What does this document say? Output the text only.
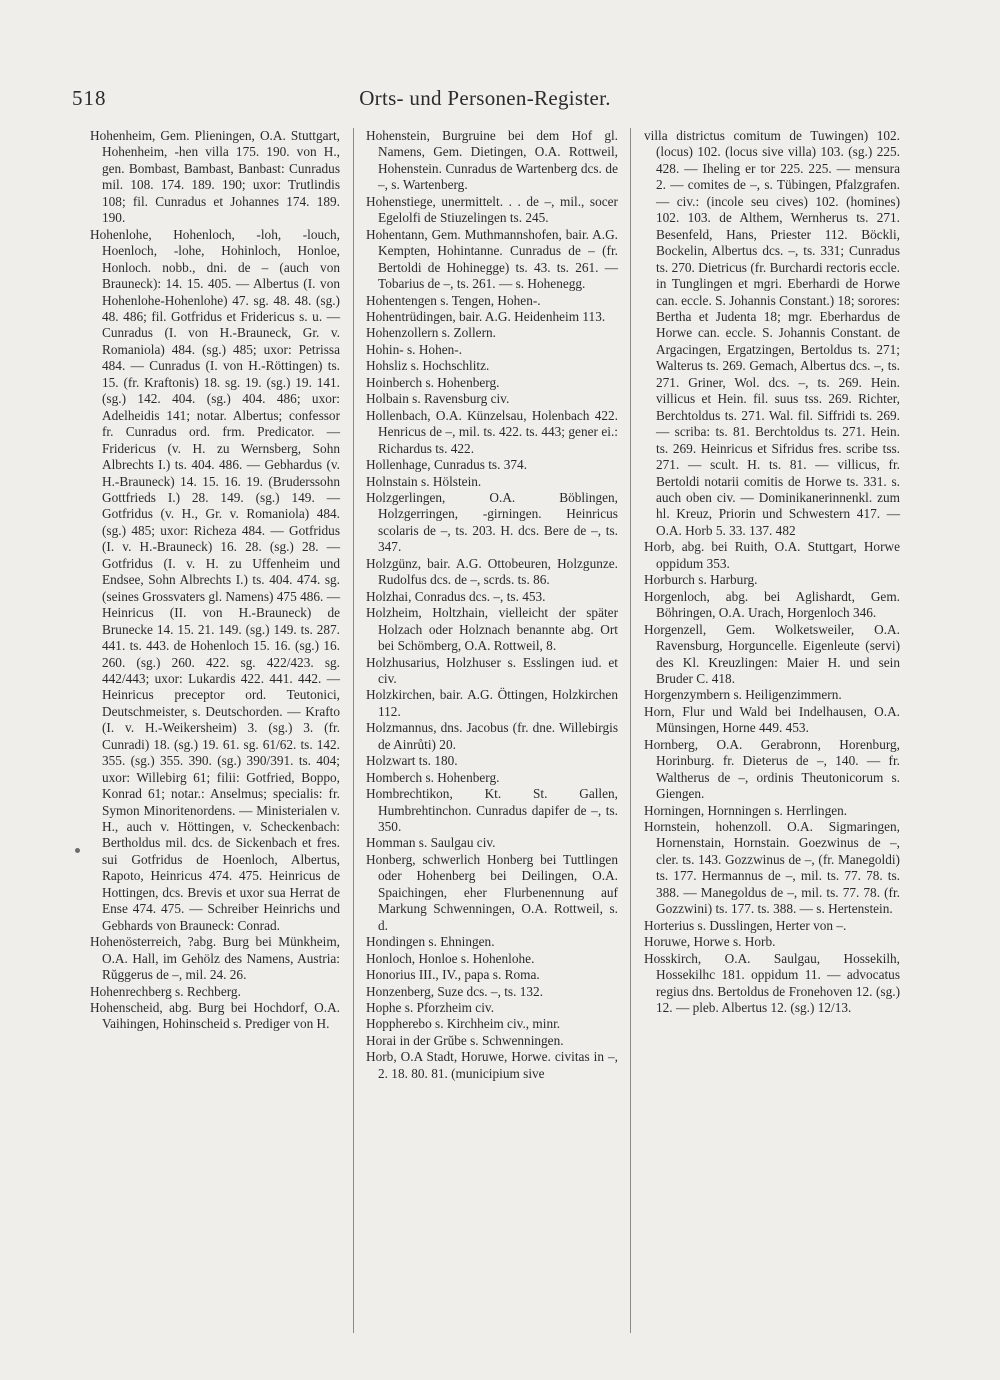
518	Orts- und Personen-Register.

Hohenheim, Gem. Plieningen, O.A. Stuttgart, Hohenheim, -hen villa 175. 190. von H., gen. Bombast, Bambast, Banbast: Cunradus mil. 108. 174. 189. 190; uxor: Trutlindis 108; fil. Cunradus et Johannes 174. 189. 190.

Hohenlohe, Hohenloch, -loh, -louch, Hoenloch, -lohe, Hohinloch, Honloe, Honloch. nobb., dni. de – (auch von Brauneck): 14. 15. 405. — Albertus (I. von Hohenlohe-Hohenlohe) 47. sg. 48. 48. (sg.) 48. 486; fil. Gotfridus et Fridericus s. u. — Cunradus (I. von H.-Brauneck, Gr. v. Romaniola) 484. (sg.) 485; uxor: Petrissa 484. — Cunradus (I. von H.-Röttingen) ts. 15. (fr. Kraftonis) 18. sg. 19. (sg.) 19. 141. (sg.) 142. 404. (sg.) 404. 486; uxor: Adelheidis 141; notar. Albertus; confessor fr. Cunradus ord. frm. Predicator. — Fridericus (v. H. zu Wernsberg, Sohn Albrechts I.) ts. 404. 486. — Gebhardus (v. H.-Brauneck) 14. 15. 16. 19. (Bruderssohn Gottfrieds I.) 28. 149. (sg.) 149. — Gotfridus (v. H., Gr. v. Romaniola) 484. (sg.) 485; uxor: Richeza 484. — Gotfridus (I. v. H.-Brauneck) 16. 28. (sg.) 28. — Gotfridus (I. v. H. zu Uffenheim und Endsee, Sohn Albrechts I.) ts. 404. 474. sg. (seines Grossvaters gl. Namens) 475 486. — Heinricus (II. von H.-Brauneck) de Brunecke 14. 15. 21. 149. (sg.) 149. ts. 287. 441. ts. 443. de Hohenloch 15. 16. (sg.) 16. 260. (sg.) 260. 422. sg. 422/423. sg. 442/443; uxor: Lukardis 422. 441. 442. — Heinricus preceptor ord. Teutonici, Deutschmeister, s. Deutschorden. — Krafto (I. v. H.-Weikersheim) 3. (sg.) 3. (fr. Cunradi) 18. (sg.) 19. 61. sg. 61/62. ts. 142. 355. (sg.) 355. 390. (sg.) 390/391. ts. 404; uxor: Willebirg 61; filii: Gotfried, Boppo, Konrad 61; notar.: Anselmus; specialis: fr. Symon Minoritenordens. — Ministerialen v. H., auch v. Höttingen, v. Scheckenbach: Bertholdus mil. dcs. de Sickenbach et fres. sui Gotfridus de Hoenloch, Albertus, Rapoto, Heinricus 474. 475. Heinricus de Hottingen, dcs. Brevis et uxor sua Herrat de Ense 474. 475. — Schreiber Heinrichs und Gebhards von Brauneck: Conrad.

Hohenösterreich, ?abg. Burg bei Münkheim, O.A. Hall, im Gehölz des Namens, Austria: Rŭggerus de –, mil. 24. 26.

Hohenrechberg s. Rechberg.

Hohenscheid, abg. Burg bei Hochdorf, O.A. Vaihingen, Hohinscheid s. Prediger von H.

Hohenstein, Burgruine bei dem Hof gl. Namens, Gem. Dietingen, O.A. Rottweil, Hohenstein. Cunradus de Wartenberg dcs. de –, s. Wartenberg.

Hohenstiege, unermittelt. . . de –, mil., socer Egelolfi de Stiuzelingen ts. 245.

Hohentann, Gem. Muthmannshofen, bair. A.G. Kempten, Hohintanne. Cunradus de – (fr. Bertoldi de Hohinegge) ts. 43. ts. 261. — Tobarius de –, ts. 261. — s. Hohenegg.

Hohentengen s. Tengen, Hohen-.

Hohentrüdingen, bair. A.G. Heidenheim 113.

Hohenzollern s. Zollern.

Hohin- s. Hohen-.

Hohsliz s. Hochschlitz.

Hoinberch s. Hohenberg.

Holbain s. Ravensburg civ.

Hollenbach, O.A. Künzelsau, Holenbach 422. Henricus de –, mil. ts. 422. ts. 443; gener ei.: Richardus ts. 422.

Hollenhage, Cunradus ts. 374.

Holnstain s. Hölstein.

Holzgerlingen, O.A. Böblingen, Holzgerringen, -girningen. Heinricus scolaris de –, ts. 203. H. dcs. Bere de –, ts. 347.

Holzgünz, bair. A.G. Ottobeuren, Holzgunze. Rudolfus dcs. de –, scrds. ts. 86.

Holzhai, Conradus dcs. –, ts. 453.

Holzheim, Holtzhain, vielleicht der später Holzach oder Holznach benannte abg. Ort bei Schömberg, O.A. Rottweil, 8.

Holzhusarius, Holzhuser s. Esslingen iud. et civ.

Holzkirchen, bair. A.G. Öttingen, Holzkirchen 112.

Holzmannus, dns. Jacobus (fr. dne. Willebirgis de Ainrůti) 20.

Holzwart ts. 180.

Homberch s. Hohenberg.

Hombrechtikon, Kt. St. Gallen, Humbrehtinchon. Cunradus dapifer de –, ts. 350.

Homman s. Saulgau civ.

Honberg, schwerlich Honberg bei Tuttlingen oder Hohenberg bei Deilingen, O.A. Spaichingen, eher Flurbenennung auf Markung Schwenningen, O.A. Rottweil, s. d.

Hondingen s. Ehningen.

Honloch, Honloe s. Hohenlohe.

Honorius III., IV., papa s. Roma.

Honzenberg, Suze dcs. –, ts. 132.

Hophe s. Pforzheim civ.

Hoppherebo s. Kirchheim civ., minr.

Horai in der Grŭbe s. Schwenningen.

Horb, O.A Stadt, Horuwe, Horwe. civitas in –, 2. 18. 80. 81. (municipium sive

villa districtus comitum de Tuwingen) 102. (locus) 102. (locus sive villa) 103. (sg.) 225. 428. — Iheling er tor 225. 225. — mensura 2. — comites de –, s. Tübingen, Pfalzgrafen. — civ.: (incole seu cives) 102. (homines) 102. 103. de Althem, Wernherus ts. 271. Besenfeld, Hans, Priester 112. Böckli, Bockelin, Albertus dcs. –, ts. 331; Cunradus ts. 270. Dietricus (fr. Burchardi rectoris eccle. in Tunglingen et mgri. Eberhardi de Horwe can. eccle. S. Johannis Constant.) 18; sorores: Bertha et Judenta 18; mgr. Eberhardus de Horwe can. eccle. S. Johannis Constant. de Argacingen, Ergatzingen, Bertoldus ts. 271; Walterus ts. 269. Gemach, Albertus dcs. –, ts. 271. Griner, Wol. dcs. –, ts. 269. Hein. villicus et Hein. fil. suus tss. 269. Richter, Berchtoldus ts. 271. Wal. fil. Siffridi ts. 269. — scriba: ts. 81. Berchtoldus ts. 271. Hein. ts. 269. Heinricus et Sifridus fres. scribe tss. 271. — scult. H. ts. 81. — villicus, fr. Bertoldi notarii comitis de Horwe ts. 331. s. auch oben civ. — Dominikanerinnenkl. zum hl. Kreuz, Priorin und Schwestern 417. — O.A. Horb 5. 33. 137. 482

Horb, abg. bei Ruith, O.A. Stuttgart, Horwe oppidum 353.

Horburch s. Harburg.

Horgenloch, abg. bei Aglishardt, Gem. Böhringen, O.A. Urach, Horgenloch 346.

Horgenzell, Gem. Wolketsweiler, O.A. Ravensburg, Horguncelle. Eigenleute (servi) des Kl. Kreuzlingen: Maier H. und sein Bruder C. 418.

Horgenzymbern s. Heiligenzimmern.

Horn, Flur und Wald bei Indelhausen, O.A. Münsingen, Horne 449. 453.

Hornberg, O.A. Gerabronn, Horenburg, Horinburg. fr. Dieterus de –, 140. — fr. Waltherus de –, ordinis Theutonicorum s. Giengen.

Horningen, Hornningen s. Herrlingen.

Hornstein, hohenzoll. O.A. Sigmaringen, Hornenstain, Hornstain. Goezwinus de –, cler. ts. 143. Gozzwinus de –, (fr. Manegoldi) ts. 177. Hermannus de –, mil. ts. 77. 78. ts. 388. — Manegoldus de –, mil. ts. 77. 78. (fr. Gozzwini) ts. 177. ts. 388. — s. Hertenstein.

Horterius s. Dusslingen, Herter von –.

Horuwe, Horwe s. Horb.

Hosskirch, O.A. Saulgau, Hossekilh, Hossekilhc 181. oppidum 11. — advocatus regius dns. Bertoldus de Fronehoven 12. (sg.) 12. — pleb. Albertus 12. (sg.) 12/13.
